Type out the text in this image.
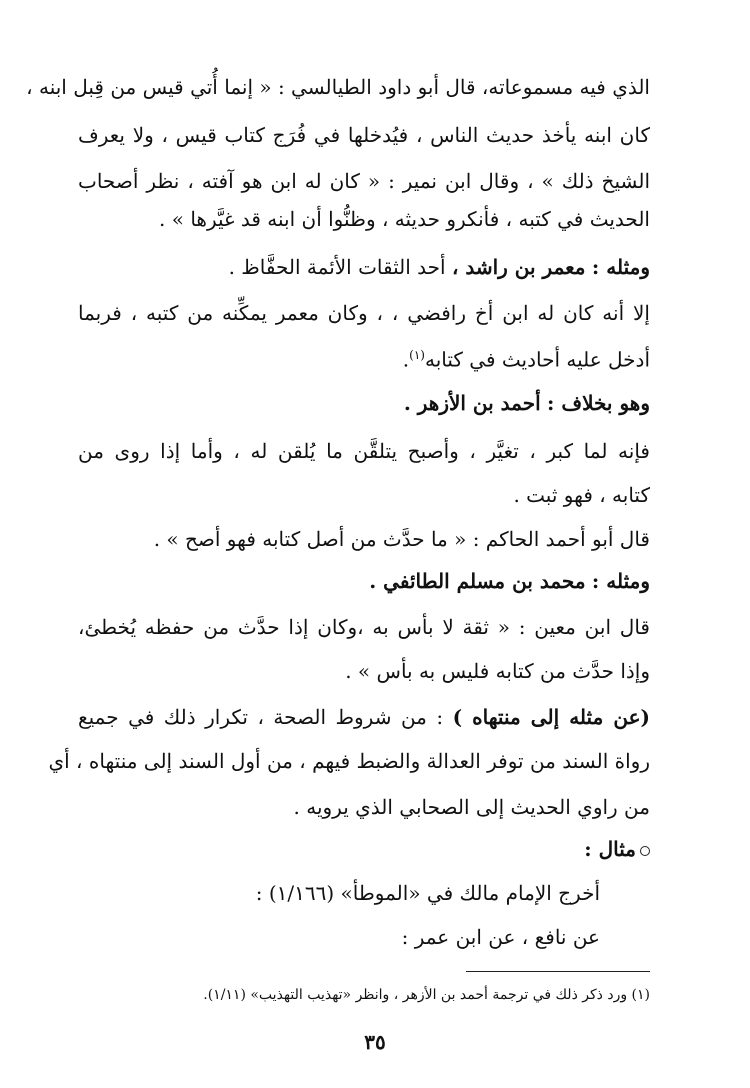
الذي فيه مسموعاته، قال أبو داود الطيالسي : « إنما أُتي قيس من قِبل ابنه ،
كان ابنه يأخذ حديث الناس ، فيُدخلها في فُرَج كتاب قيس ، ولا يعرف
الشيخ ذلك » ، وقال ابن نمير : « كان له ابن هو آفته ، نظر أصحاب
الحديث في كتبه ، فأنكرو حديثه ، وظنُّوا أن ابنه قد غيَّرها » .
ومثله : معمر بن راشد ، أحد الثقات الأئمة الحفَّاظ .
إلا أنه كان له ابن أخ رافضي ، ، وكان معمر يمكِّنه من كتبه ، فربما
أدخل عليه أحاديث في كتابه$^{(١)}$.
وهو بخلاف : أحمد بن الأزهر .
فإنه لما كبر ، تغيَّر ، وأصبح يتلقَّن ما يُلقن له ، وأما إذا روى من
كتابه ، فهو ثبت .
قال أبو أحمد الحاكم : « ما حدَّث من أصل كتابه فهو أصح » .
ومثله : محمد بن مسلم الطائفي .
قال ابن معين : « ثقة لا بأس به ،وكان إذا حدَّث من حفظه يُخطئ،
وإذا حدَّث من كتابه فليس به بأس » .
(عن مثله إلى منتهاه ) : من شروط الصحة ، تكرار ذلك في جميع
رواة السند من توفر العدالة والضبط فيهم ، من أول السند إلى منتهاه ، أي
من راوي الحديث إلى الصحابي الذي يرويه .
مثال :
أخرج الإمام مالك في «الموطأ» (١/١٦٦) :
عن نافع ، عن ابن عمر :
(١) ورد ذكر ذلك في ترجمة أحمد بن الأزهر ، وانظر «تهذيب التهذيب» (١/١١).
٣٥
